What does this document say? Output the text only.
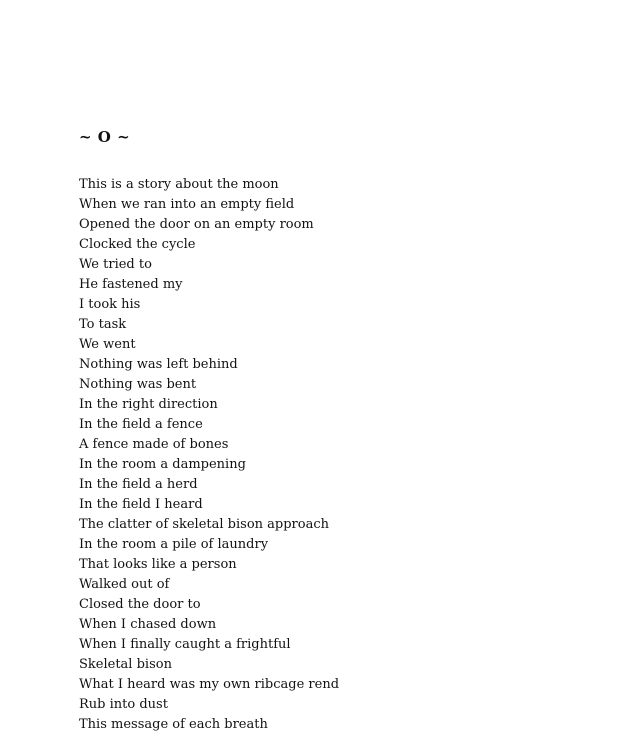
~ O ~
This is a story about the moon
When we ran into an empty field
Opened the door on an empty room
Clocked the cycle
We tried to
He fastened my
I took his
To task
We went
Nothing was left behind
Nothing was bent
In the right direction
In the field a fence
A fence made of bones
In the room a dampening
In the field a herd
In the field I heard
The clatter of skeletal bison approach
In the room a pile of laundry
That looks like a person
Walked out of
Closed the door to
When I chased down
When I finally caught a frightful
Skeletal bison
What I heard was my own ribcage rend
Rub into dust
This message of each breath
